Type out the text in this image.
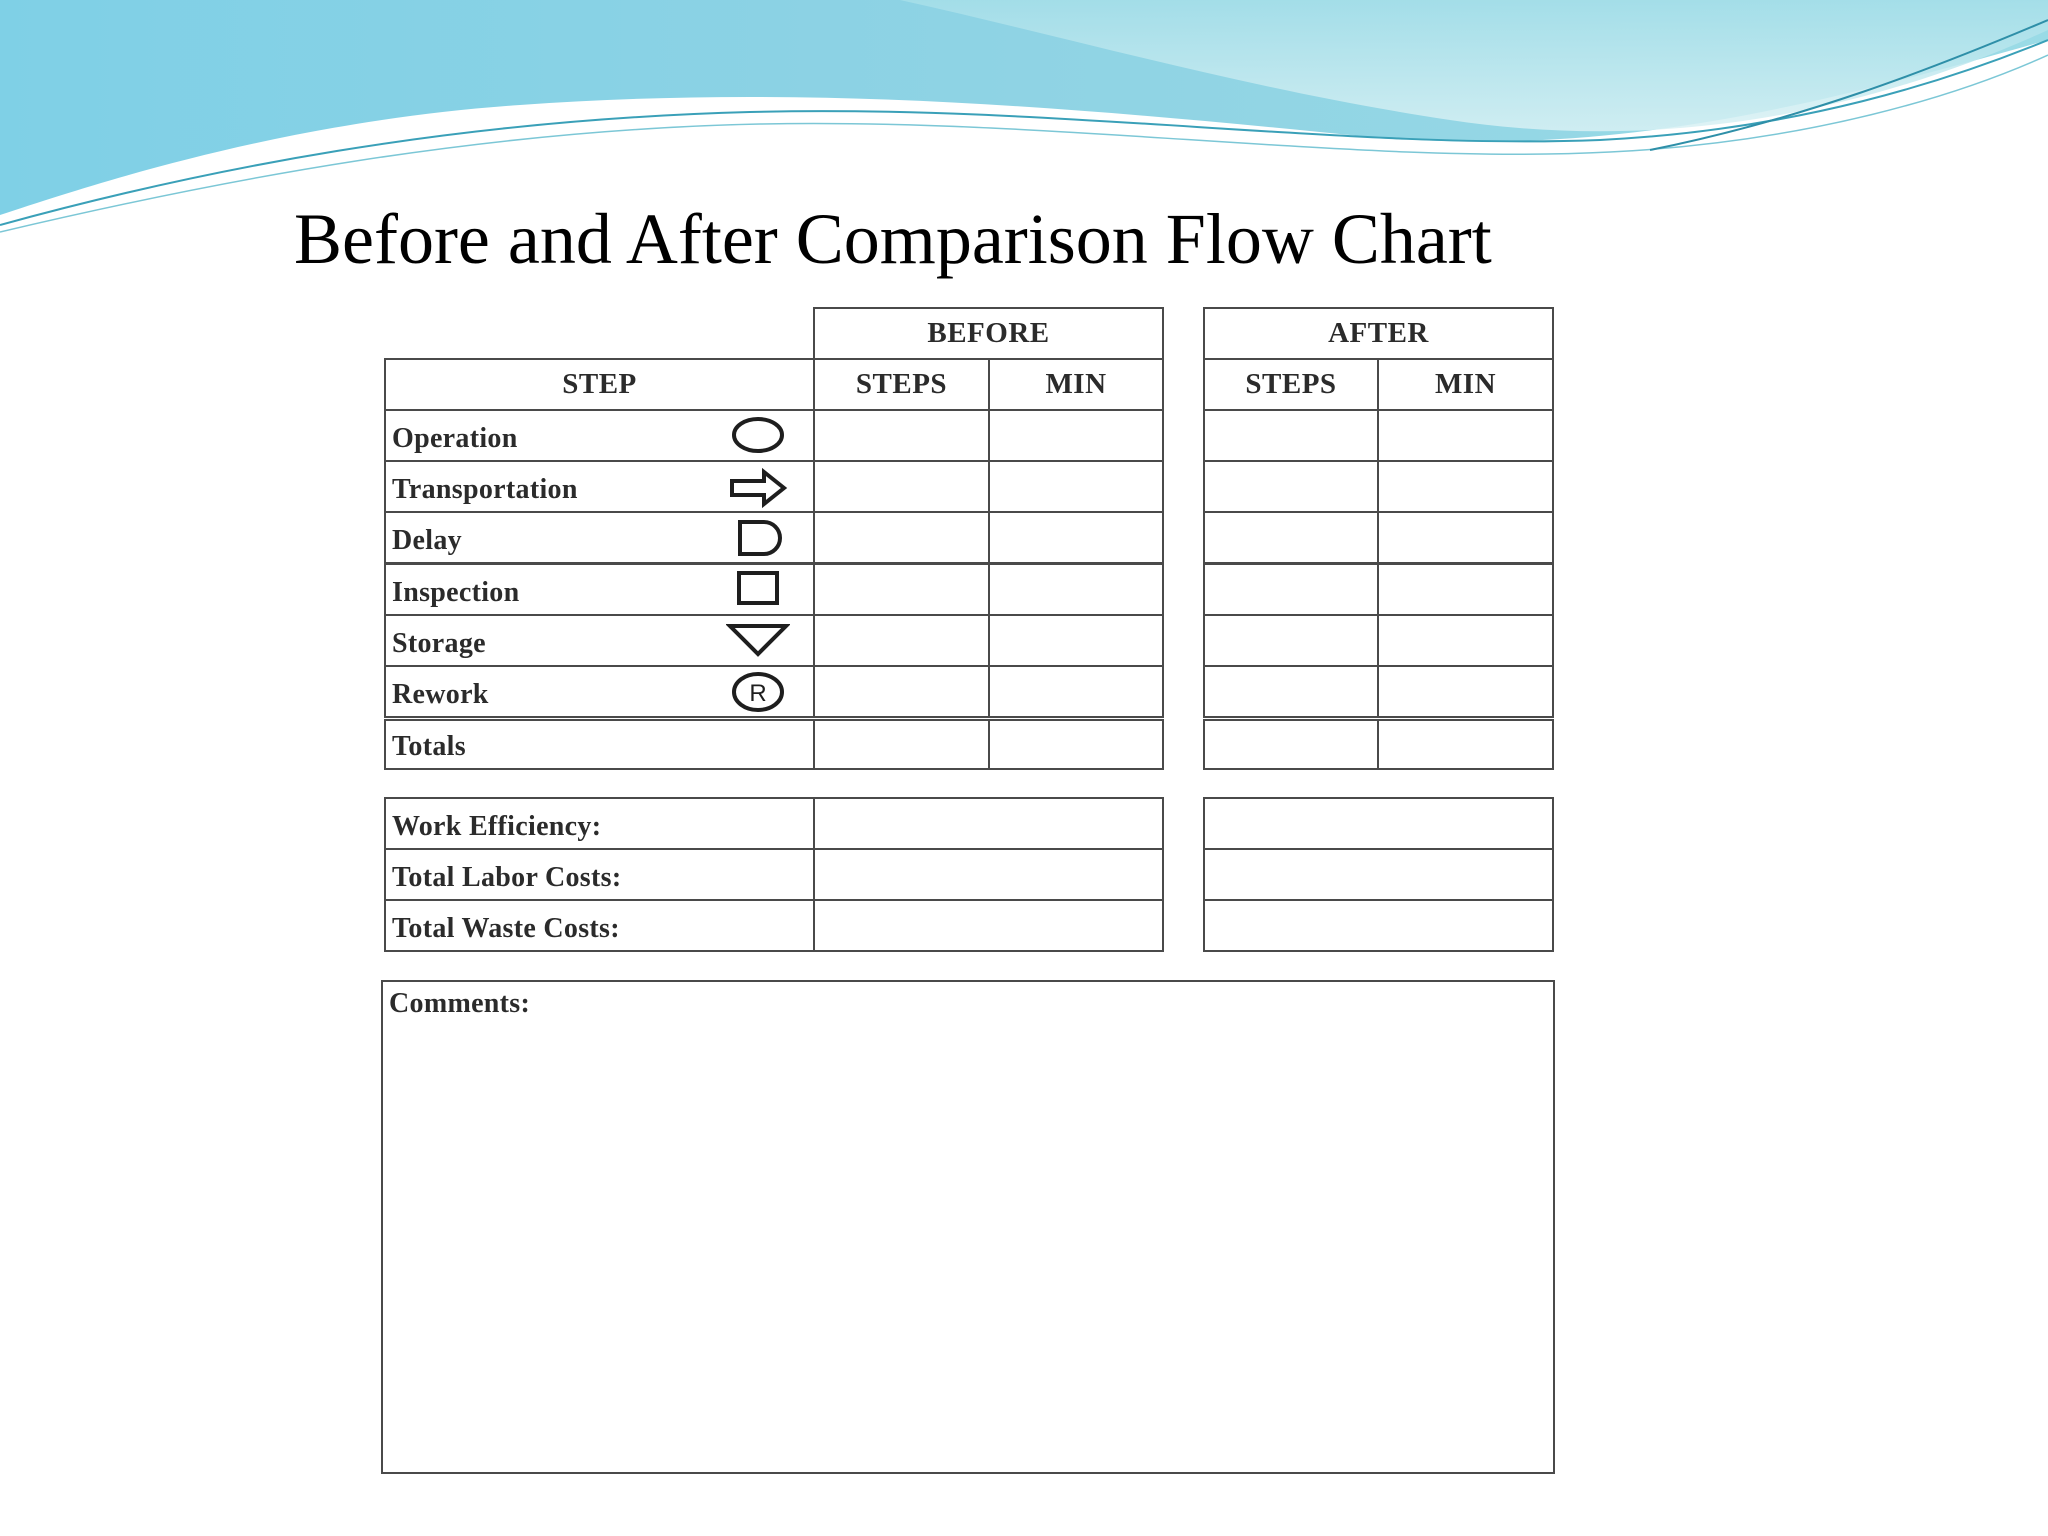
Before and After Comparison Flow Chart
BEFORE	AFTER
STEP	STEPS	MIN	STEPS	MIN
Operation
Transportation
Delay
Inspection
Storage
Rework
Totals
R
Work Efficiency:
Total Labor Costs:
Total Waste Costs:
Comments:
